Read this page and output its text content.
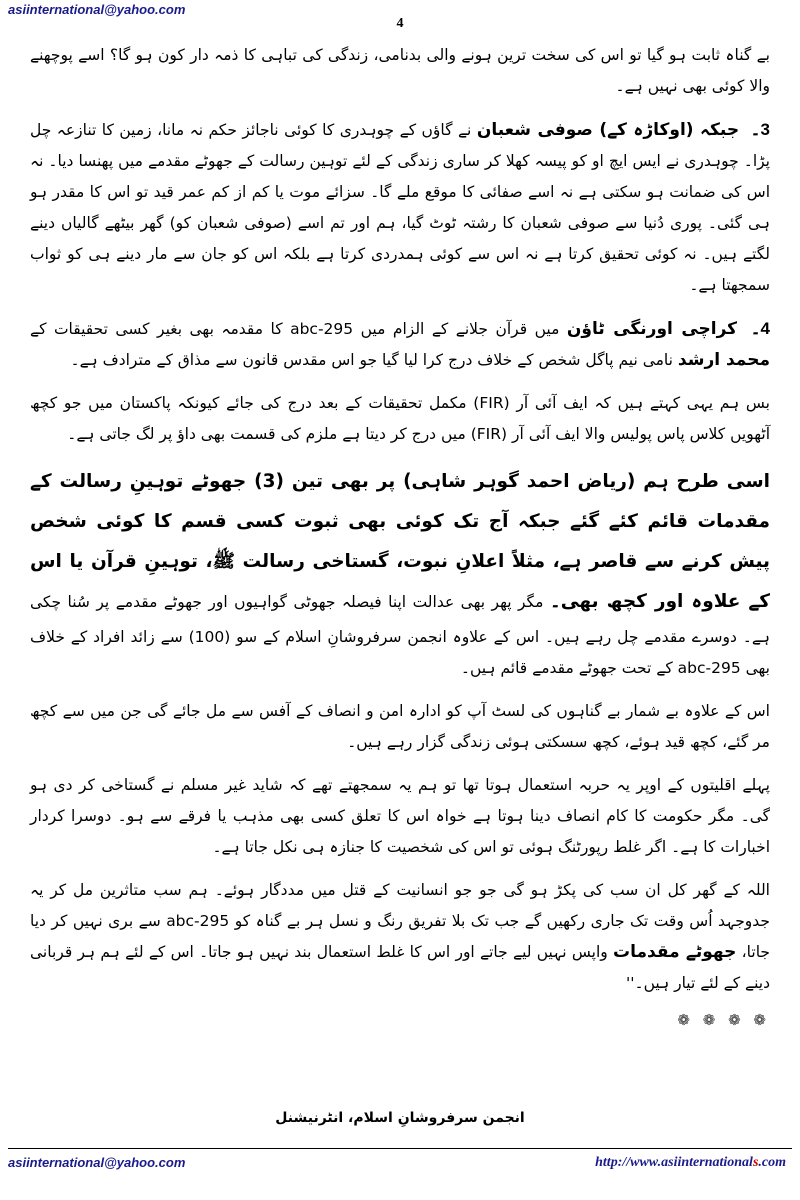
asiinternational@yahoo.com
4

بے گناہ ثابت ہو گیا تو اس کی سخت ترین ہونے والی بدنامی، زندگی کی تباہی کا ذمہ دار کون ہو گا؟ اسے پوچھنے والا کوئی بھی نہیں ہے۔

3۔ جبکہ (اوکاڑہ کے) صوفی شعبان نے گاؤں کے چوہدری کا کوئی ناجائز حکم نہ مانا، زمین کا تنازعہ چل پڑا۔ چوہدری نے ایس ایچ او کو پیسہ کھلا کر ساری زندگی کے لئے توہین رسالت کے جھوٹے مقدمے میں پھنسا دیا۔ نہ اس کی ضمانت ہو سکتی ہے نہ اسے صفائی کا موقع ملے گا۔ سزائے موت یا کم از کم عمر قید تو اس کا مقدر ہو ہی گئی۔ پوری دُنیا سے صوفی شعبان کا رشتہ ٹوٹ گیا، ہم اور تم اسے (صوفی شعبان کو) گھر بیٹھے گالیاں دینے لگتے ہیں۔ نہ کوئی تحقیق کرتا ہے نہ اس سے کوئی ہمدردی کرتا ہے بلکہ اس کو جان سے مار دینے ہی کو ثواب سمجھتا ہے۔

4۔ کراچی اورنگی ٹاؤن میں قرآن جلانے کے الزام میں 295-abc کا مقدمہ بھی بغیر کسی تحقیقات کے محمد ارشد نامی نیم پاگل شخص کے خلاف درج کرا لیا گیا جو اس مقدس قانون سے مذاق کے مترادف ہے۔

بس ہم یہی کہتے ہیں کہ ایف آئی آر (FIR) مکمل تحقیقات کے بعد درج کی جائے کیونکہ پاکستان میں جو کچھ آٹھویں کلاس پاس پولیس والا ایف آئی آر (FIR) میں درج کر دیتا ہے ملزم کی قسمت بھی داؤ پر لگ جاتی ہے۔

اسی طرح ہم (ریاض احمد گوہر شاہی) پر بھی تین (3) جھوٹے توہینِ رسالت کے مقدمات قائم کئے گئے جبکہ آج تک کوئی بھی ثبوت کسی قسم کا کوئی شخص پیش کرنے سے قاصر ہے، مثلاً اعلانِ نبوت، گستاخی رسالت ﷺ، توہینِ قرآن یا اس کے علاوہ اور کچھ بھی۔ مگر پھر بھی عدالت اپنا فیصلہ جھوٹی گواہیوں اور جھوٹے مقدمے پر سُنا چکی ہے۔ دوسرے مقدمے چل رہے ہیں۔ اس کے علاوہ انجمن سرفروشانِ اسلام کے سو (100) سے زائد افراد کے خلاف بھی 295-abc کے تحت جھوٹے مقدمے قائم ہیں۔

اس کے علاوہ بے شمار بے گناہوں کی لسٹ آپ کو ادارہ امن و انصاف کے آفس سے مل جائے گی جن میں سے کچھ مر گئے، کچھ قید ہوئے، کچھ سسکتی ہوئی زندگی گزار رہے ہیں۔

پہلے اقلیتوں کے اوپر یہ حربہ استعمال ہوتا تھا تو ہم یہ سمجھتے تھے کہ شاید غیر مسلم نے گستاخی کر دی ہو گی۔ مگر حکومت کا کام انصاف دینا ہوتا ہے خواہ اس کا تعلق کسی بھی مذہب یا فرقے سے ہو۔ دوسرا کردار اخبارات کا ہے۔ اگر غلط رپورٹنگ ہوئی تو اس کی شخصیت کا جنازہ ہی نکل جاتا ہے۔

اللہ کے گھر کل ان سب کی پکڑ ہو گی جو جو انسانیت کے قتل میں مددگار ہوئے۔ ہم سب متاثرین مل کر یہ جدوجہد اُس وقت تک جاری رکھیں گے جب تک بلا تفریق رنگ و نسل ہر بے گناہ کو 295-abc سے بری نہیں کر دیا جاتا، جھوٹے مقدمات واپس نہیں لیے جاتے اور اس کا غلط استعمال بند نہیں ہو جاتا۔ اس کے لئے ہم ہر قربانی دینے کے لئے تیار ہیں۔''

❁ ❁ ❁ ❁
انجمن سرفروشانِ اسلام، انٹرنیشنل
asiinternational@yahoo.com	http://www.asiinternationals.com
